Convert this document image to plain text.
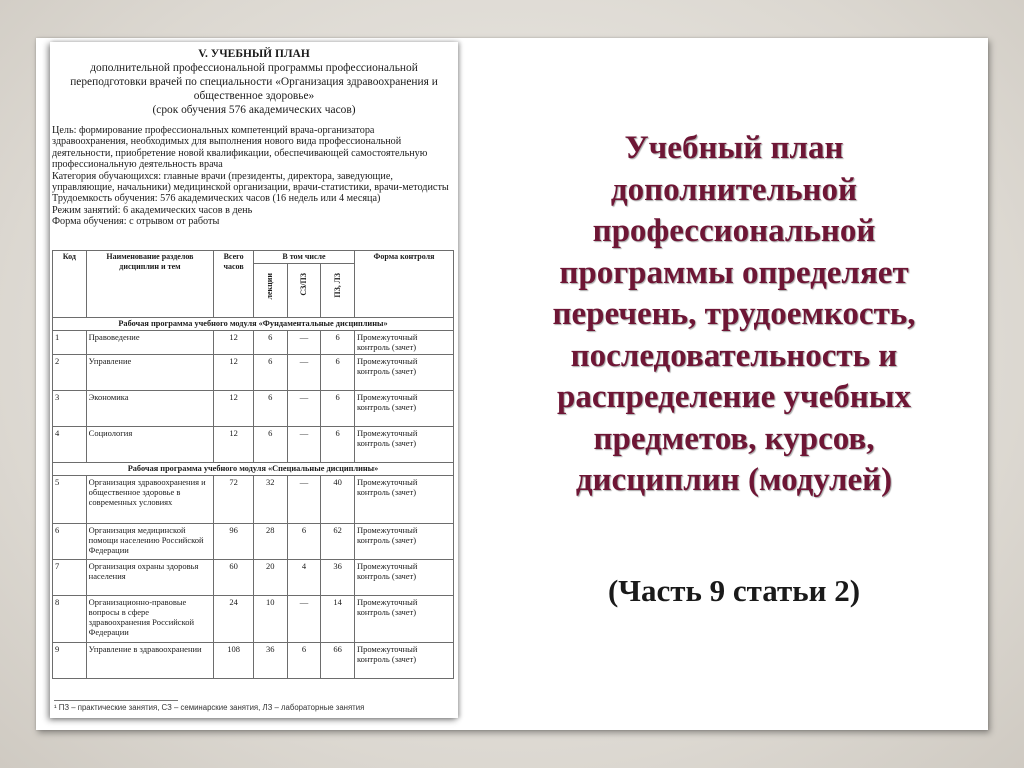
V. УЧЕБНЫЙ ПЛАН
дополнительной профессиональной программы профессиональной
переподготовки врачей по специальности «Организация здравоохранения и
общественное здоровье»
(срок обучения 576 академических часов)
Цель: формирование профессиональных компетенций врача-организатора
здравоохранения, необходимых для выполнения нового вида профессиональной
деятельности, приобретение новой квалификации, обеспечивающей самостоятельную
профессиональную деятельность врача
Категория обучающихся: главные врачи (президенты, директора, заведующие,
управляющие, начальники) медицинской организации, врачи-статистики, врачи-методисты
Трудоемкость обучения: 576 академических часов (16 недель или 4 месяца)
Режим занятий: 6 академических часов в день
Форма обучения: с отрывом от работы
Код	Наименование разделов дисциплин и тем	Всего часов	В том числе			Форма контроля

			лекции	СЗ/ПЗ	ПЗ, ЛЗ	

Рабочая программа учебного модуля «Фундаментальные дисциплины»						
1	Правоведение	12	6	—	6	Промежуточный контроль (зачет)
2	Управление	12	6	—	6	Промежуточный контроль (зачет)
3	Экономика	12	6	—	6	Промежуточный контроль (зачет)
4	Социология	12	6	—	6	Промежуточный контроль (зачет)
Рабочая программа учебного модуля «Специальные дисциплины»						
5	Организация здравоохранения и общественное здоровье в современных условиях	72	32	—	40	Промежуточный контроль (зачет)
6	Организация медицинской помощи населению Российской Федерации	96	28	6	62	Промежуточный контроль (зачет)
7	Организация охраны здоровья населения	60	20	4	36	Промежуточный контроль (зачет)
8	Организационно-правовые вопросы в сфере здравоохранения Российской Федерации	24	10	—	14	Промежуточный контроль (зачет)
9	Управление в здравоохранении	108	36	6	66	Промежуточный контроль (зачет)
¹ ПЗ – практические занятия, СЗ – семинарские занятия, ЛЗ – лабораторные занятия
Учебный план
дополнительной
профессиональной
программы определяет
перечень, трудоемкость,
последовательность и
распределение учебных
предметов, курсов,
дисциплин (модулей)
(Часть 9 статьи 2)
